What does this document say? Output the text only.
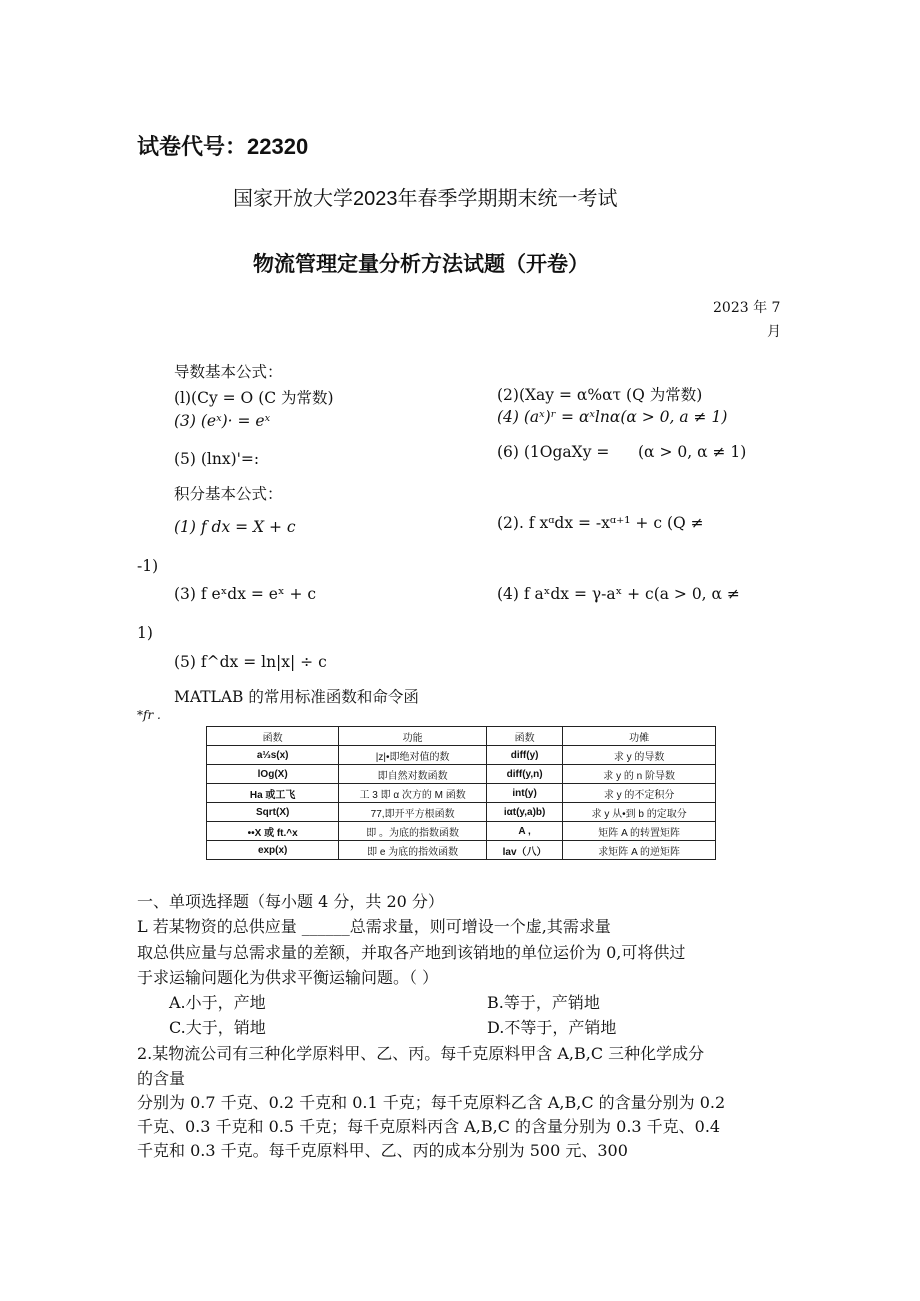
试卷代号：22320
国家开放大学2023年春季学期期末统一考试
物流管理定量分析方法试题（开卷）
2023 年 7
月
导数基本公式：
(l)(Cy = O (C 为常数)	(2)(Xay = α%ατ (Q 为常数)
(3) (eˣ)· = eˣ	(4) (aˣ)ʳ = αˣlnα(α > 0, a ≠ 1)
(5) (lnx)'=:	(6) (1OgaXy = (α > 0, α ≠ 1)
积分基本公式：
(1) f dx = X + c	(2). f xᵅdx = -xᵅ⁺¹ + c (Q ≠
-1)
(3) f eˣdx = eˣ + c	(4) f aˣdx = γ-aˣ + c(a > 0, α ≠
1)
(5) f^dx = ln|x| ÷ c
MATLAB 的常用标准函数和命令函
*fr .
函数	功能	函数	功傩
a⅓s(x)	|z|•即绝对值的数	diff(y)	求 y 的导数
lOg(X)	即自然对数函数	diff(y,n)	求 y 的 n 阶导数
Ha 或工飞	工 3 即 α 次方的 M 函数	int(y)	求 y 的不定积分
Sqrt(X)	77,即开平方根函数	iαt(y,a)b)	求 y 从•到 b 的定取分
••X 或 ft.^x	即 。为底的指数函数	A ,	矩阵 A 的转置矩阵
exp(x)	即 e 为底的指效函数	lav（八）	求矩阵 A 的逆矩阵
一、单项选择题（每小题 4 分，共 20 分）
L 若某物资的总供应量 ______总需求量，则可增设一个虚,其需求量
取总供应量与总需求量的差额，并取各产地到该销地的单位运价为 0,可将供过
于求运输问题化为供求平衡运输问题。（ ）
A.小于，产地	B.等于，产销地
C.大于，销地	D.不等于，产销地
2.某物流公司有三种化学原料甲、乙、丙。每千克原料甲含 A,B,C 三种化学成分
的含量
分别为 0.7 千克、0.2 千克和 0.1 千克；每千克原料乙含 A,B,C 的含量分别为 0.2
千克、0.3 千克和 0.5 千克；每千克原料丙含 A,B,C 的含量分别为 0.3 千克、0.4
千克和 0.3 千克。每千克原料甲、乙、丙的成本分别为 500 元、300
